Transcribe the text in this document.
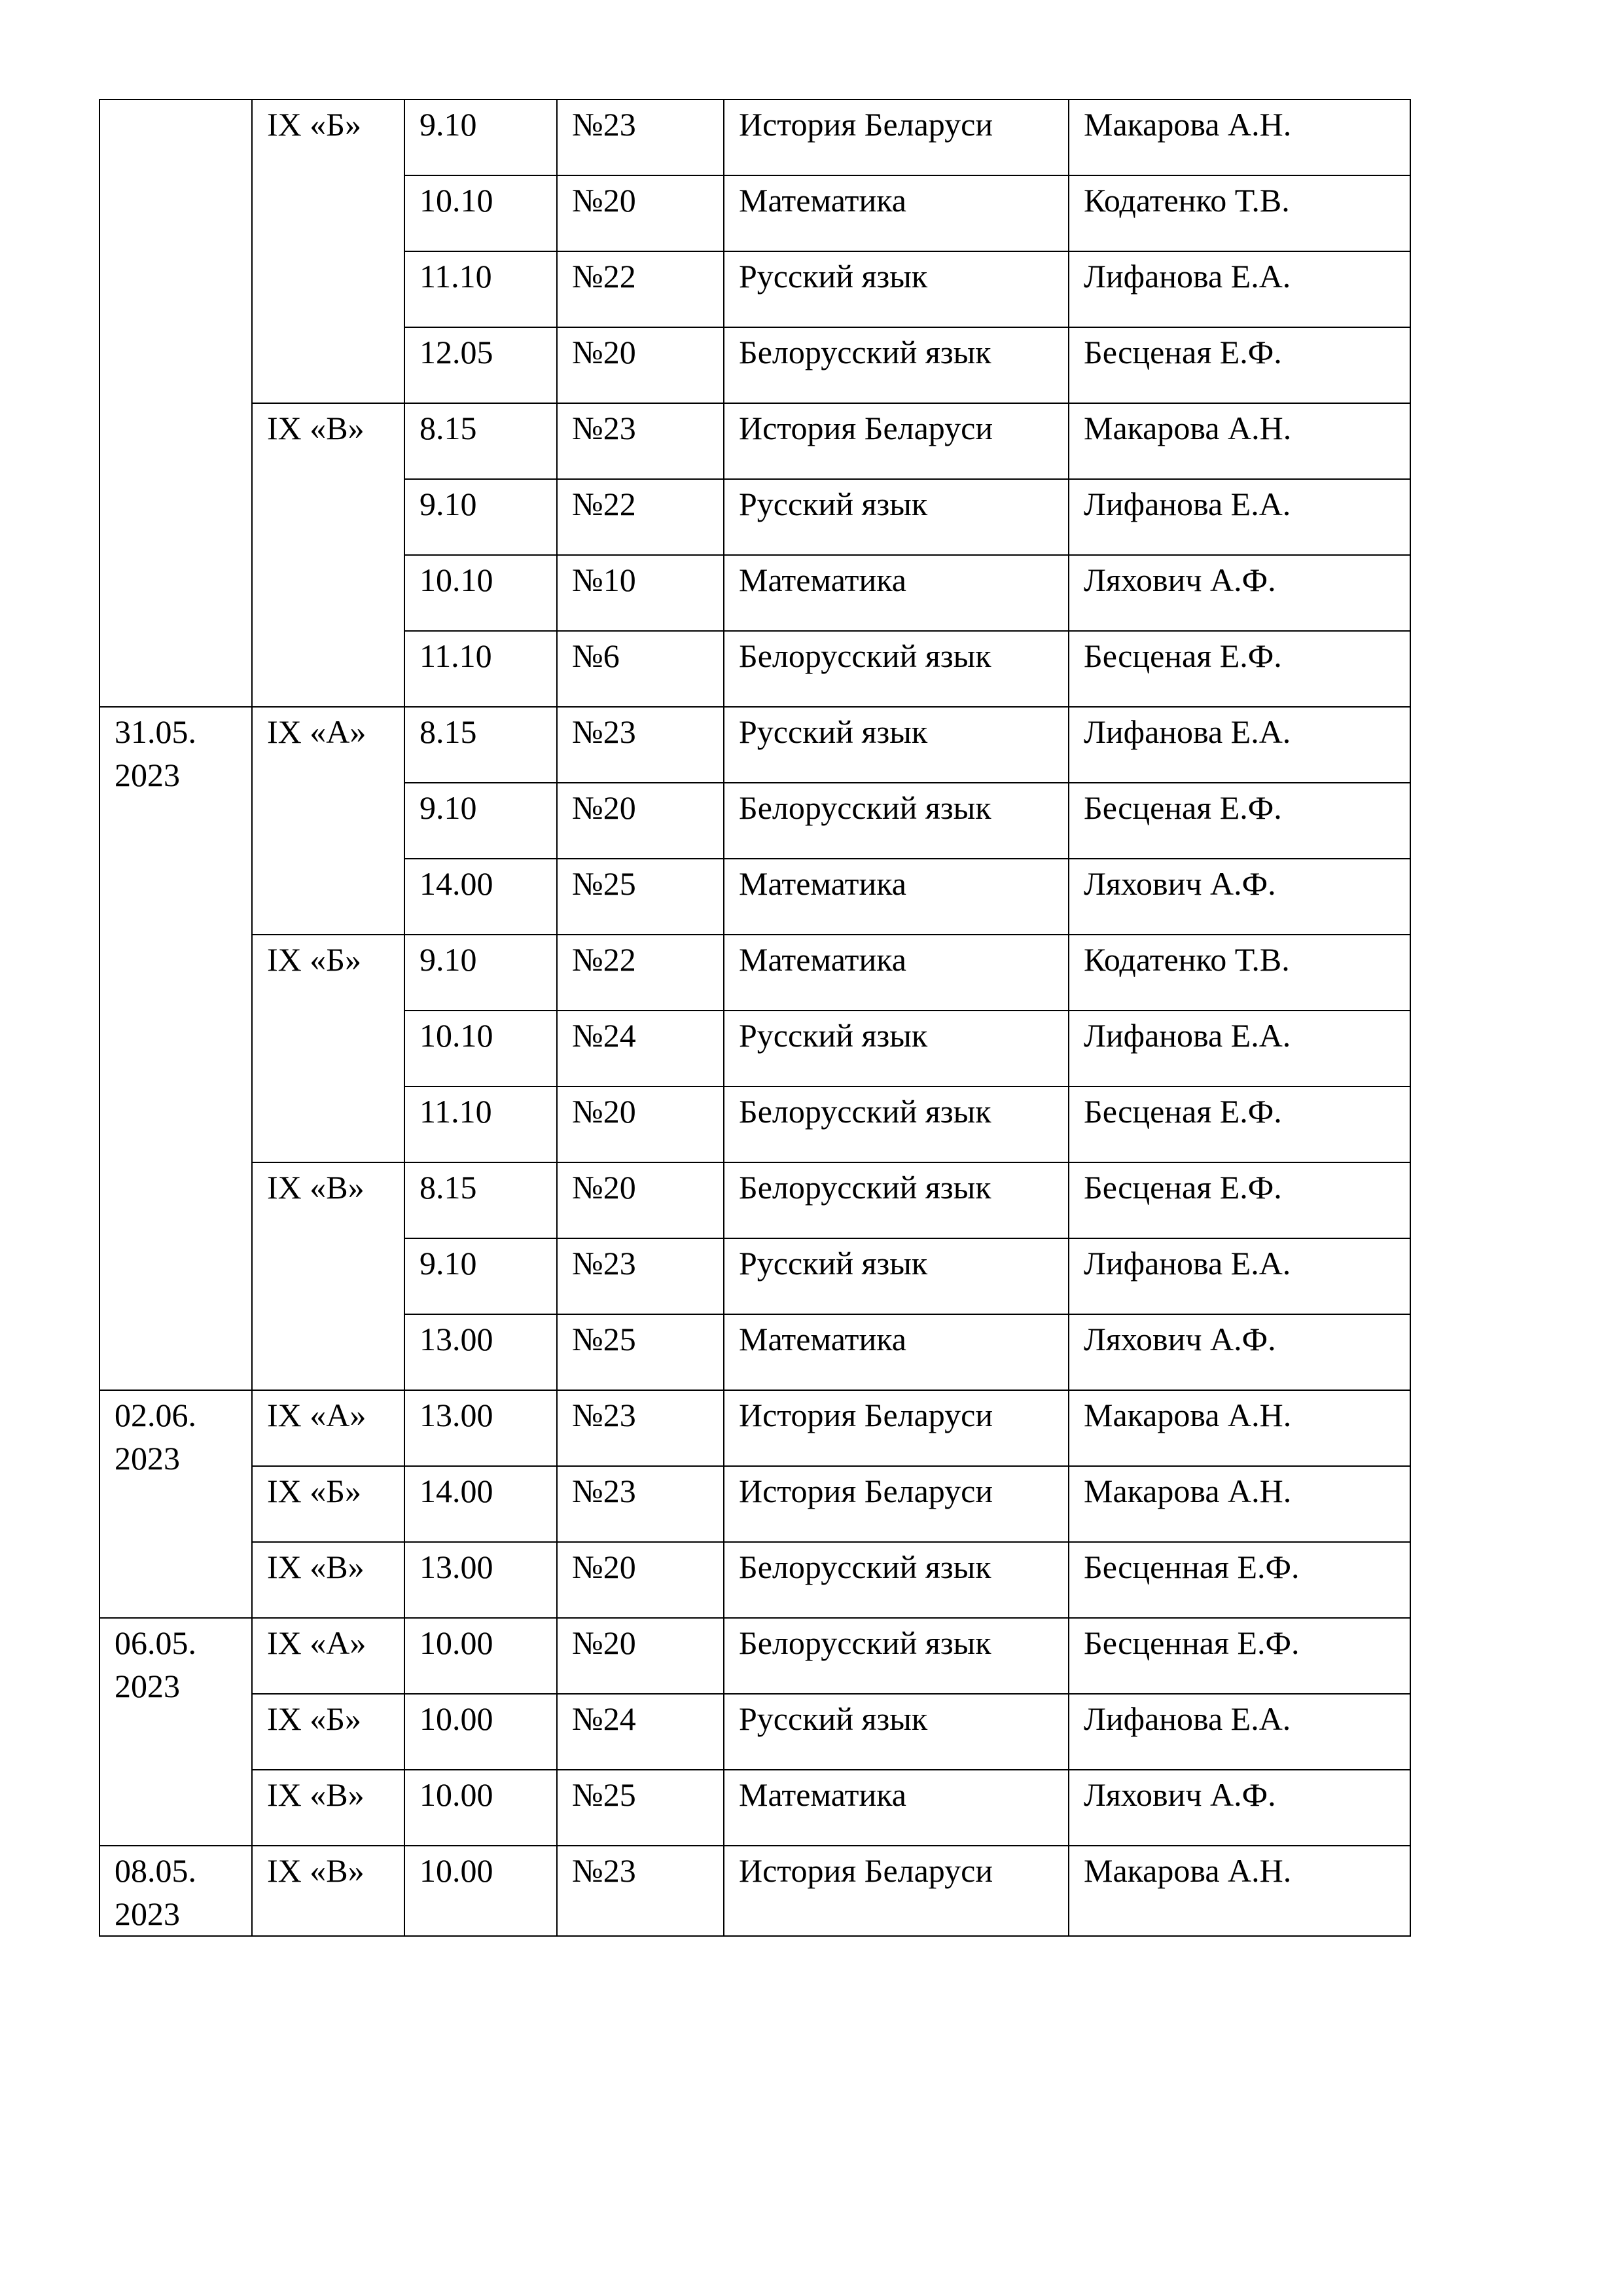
	IX «Б»	9.10	№23	История Беларуси	Макарова А.Н.
		10.10	№20	Математика	Кодатенко Т.В.
		11.10	№22	Русский язык	Лифанова Е.А.
		12.05	№20	Белорусский язык	Бесценая Е.Ф.
	IX «В»	8.15	№23	История Беларуси	Макарова А.Н.
		9.10	№22	Русский язык	Лифанова Е.А.
		10.10	№10	Математика	Ляхович А.Ф.
		11.10	№6	Белорусский язык	Бесценая Е.Ф.

31.05.
2023	IX «А»	8.15	№23	Русский язык	Лифанова Е.А.
		9.10	№20	Белорусский язык	Бесценая Е.Ф.
		14.00	№25	Математика	Ляхович А.Ф.
	IX «Б»	9.10	№22	Математика	Кодатенко Т.В.
		10.10	№24	Русский язык	Лифанова Е.А.
		11.10	№20	Белорусский язык	Бесценая Е.Ф.
	IX «В»	8.15	№20	Белорусский язык	Бесценая Е.Ф.
		9.10	№23	Русский язык	Лифанова Е.А.
		13.00	№25	Математика	Ляхович А.Ф.

02.06.
2023	IX «А»	13.00	№23	История Беларуси	Макарова А.Н.
	IX «Б»	14.00	№23	История Беларуси	Макарова А.Н.
	IX «В»	13.00	№20	Белорусский язык	Бесценная Е.Ф.

06.05.
2023	IX «А»	10.00	№20	Белорусский язык	Бесценная Е.Ф.
	IX «Б»	10.00	№24	Русский язык	Лифанова Е.А.
	IX «В»	10.00	№25	Математика	Ляхович А.Ф.

08.05.
2023	IX «В»	10.00	№23	История Беларуси	Макарова А.Н.
